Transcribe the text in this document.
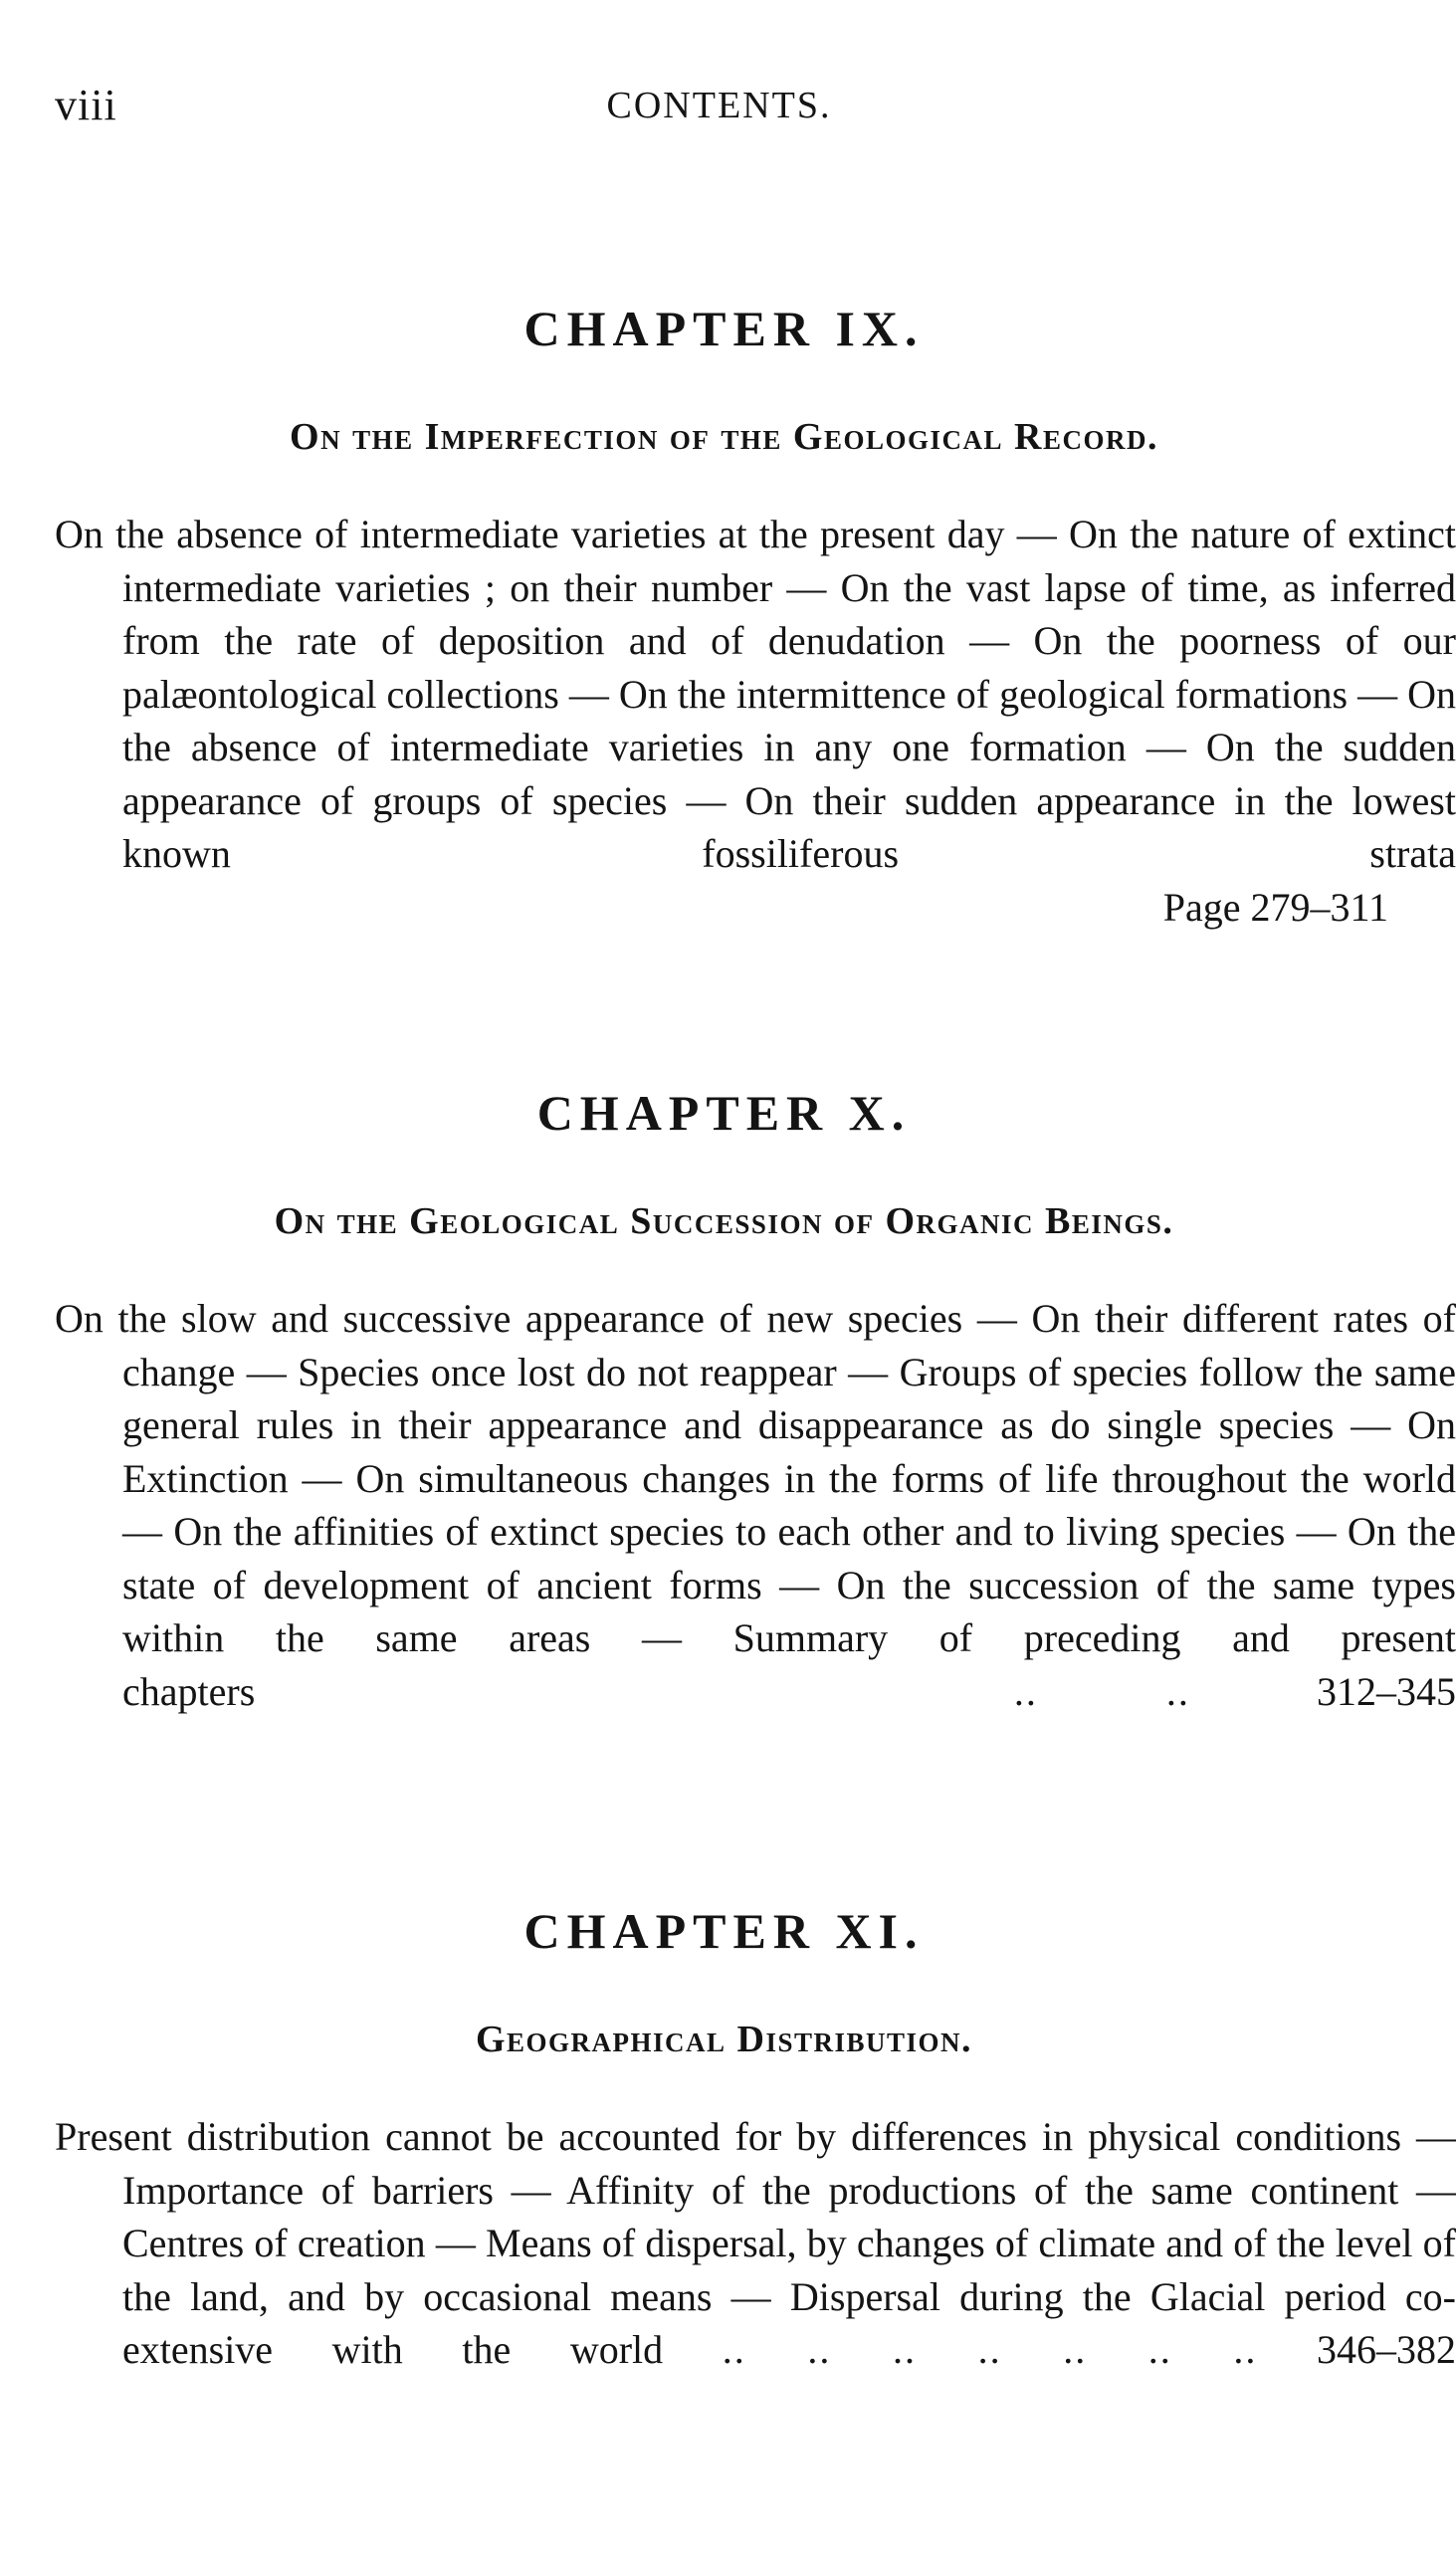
viii	CONTENTS.
CHAPTER IX.
On the Imperfection of the Geological Record.

On the absence of intermediate varieties at the present day — On the nature of extinct intermediate varieties ; on their number — On the vast lapse of time, as inferred from the rate of deposition and of denudation — On the poorness of our palæontological collections — On the intermittence of geological formations — On the absence of intermediate varieties in any one formation — On the sudden appearance of groups of species — On their sudden appearance in the lowest known fossiliferous strata

Page 279–311

CHAPTER X.
On the Geological Succession of Organic Beings.

On the slow and successive appearance of new species — On their different rates of change — Species once lost do not reappear — Groups of species follow the same general rules in their appearance and disappearance as do single species — On Extinction — On simultaneous changes in the forms of life throughout the world — On the affinities of extinct species to each other and to living species — On the state of development of ancient forms — On the succession of the same types within the same areas — Summary of preceding and present chapters	.. ..	312–345

CHAPTER XI.
Geographical Distribution.

Present distribution cannot be accounted for by differences in physical conditions — Importance of barriers — Affinity of the productions of the same continent — Centres of creation — Means of dispersal, by changes of climate and of the level of the land, and by occasional means — Dispersal during the Glacial period co-extensive with the world .. .. .. .. .. .. .. 346–382
